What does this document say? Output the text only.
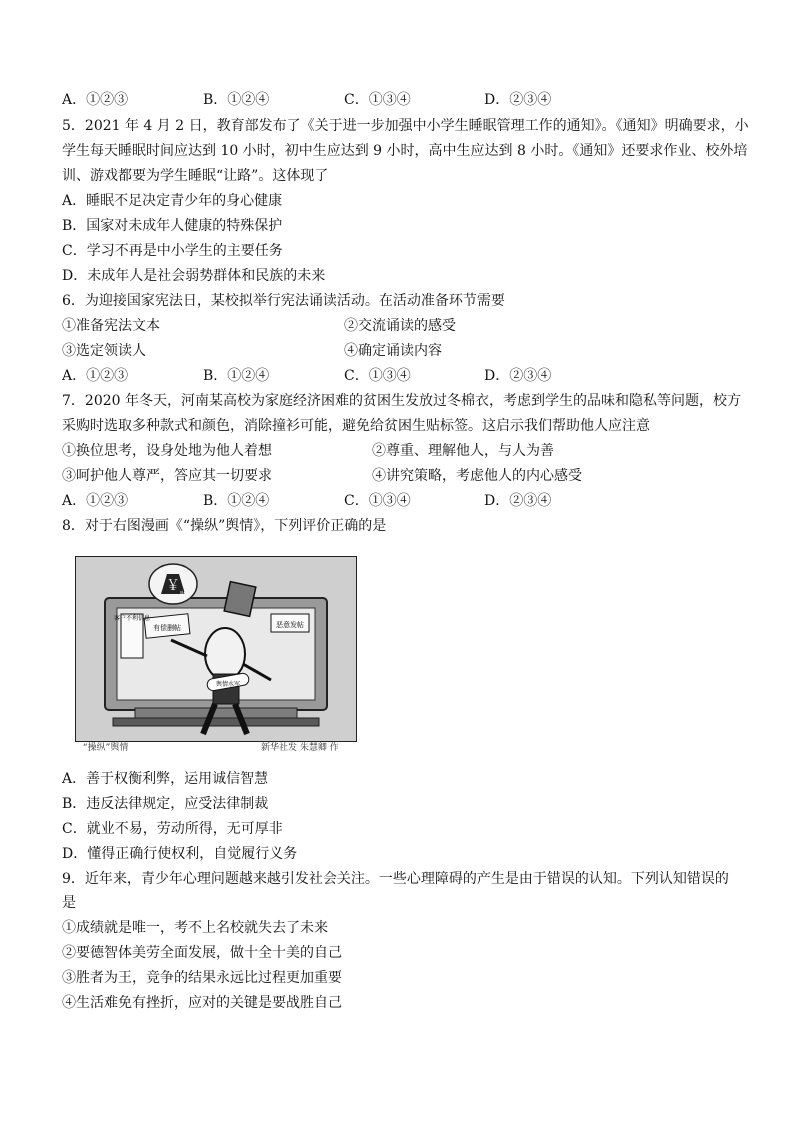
A．①②③	B．①②④	C．①③④	D．②③④
5．2021 年 4 月 2 日，教育部发布了《关于进一步加强中小学生睡眠管理工作的通知》。《通知》明确要求，小
学生每天睡眠时间应达到 10 小时，初中生应达到 9 小时，高中生应达到 8 小时。《通知》还要求作业、校外培
训、游戏都要为学生睡眠“让路”。这体现了
A．睡眠不足决定青少年的身心健康
B．国家对未成年人健康的特殊保护
C．学习不再是中小学生的主要任务
D．未成年人是社会弱势群体和民族的未来
6．为迎接国家宪法日，某校拟举行宪法诵读活动。在活动准备环节需要
①准备宪法文本	②交流诵读的感受
③选定领读人	④确定诵读内容
A．①②③	B．①②④	C．①③④	D．②③④
7．2020 年冬天，河南某高校为家庭经济困难的贫困生发放过冬棉衣，考虑到学生的品味和隐私等问题，校方
采购时选取多种款式和颜色，消除撞衫可能，避免给贫困生贴标签。这启示我们帮助他人应注意
①换位思考，设身处地为他人着想	②尊重、理解他人，与人为善
③呵护他人尊严，答应其一切要求	④讲究策略，考虑他人的内心感受
A．①②③	B．①②④	C．①③④	D．②③④
8．对于右图漫画《“操纵”舆情》，下列评价正确的是
客户不利信息
有偿删帖	恶意发帖
舆情水军
￥
财
“操纵”舆情	新华社发 朱慧卿 作
A．善于权衡利弊，运用诚信智慧
B．违反法律规定，应受法律制裁
C．就业不易，劳动所得，无可厚非
D．懂得正确行使权利，自觉履行义务
9．近年来，青少年心理问题越来越引发社会关注。一些心理障碍的产生是由于错误的认知。下列认知错误的
是
①成绩就是唯一，考不上名校就失去了未来
②要德智体美劳全面发展，做十全十美的自己
③胜者为王，竞争的结果永远比过程更加重要
④生活难免有挫折，应对的关键是要战胜自己
